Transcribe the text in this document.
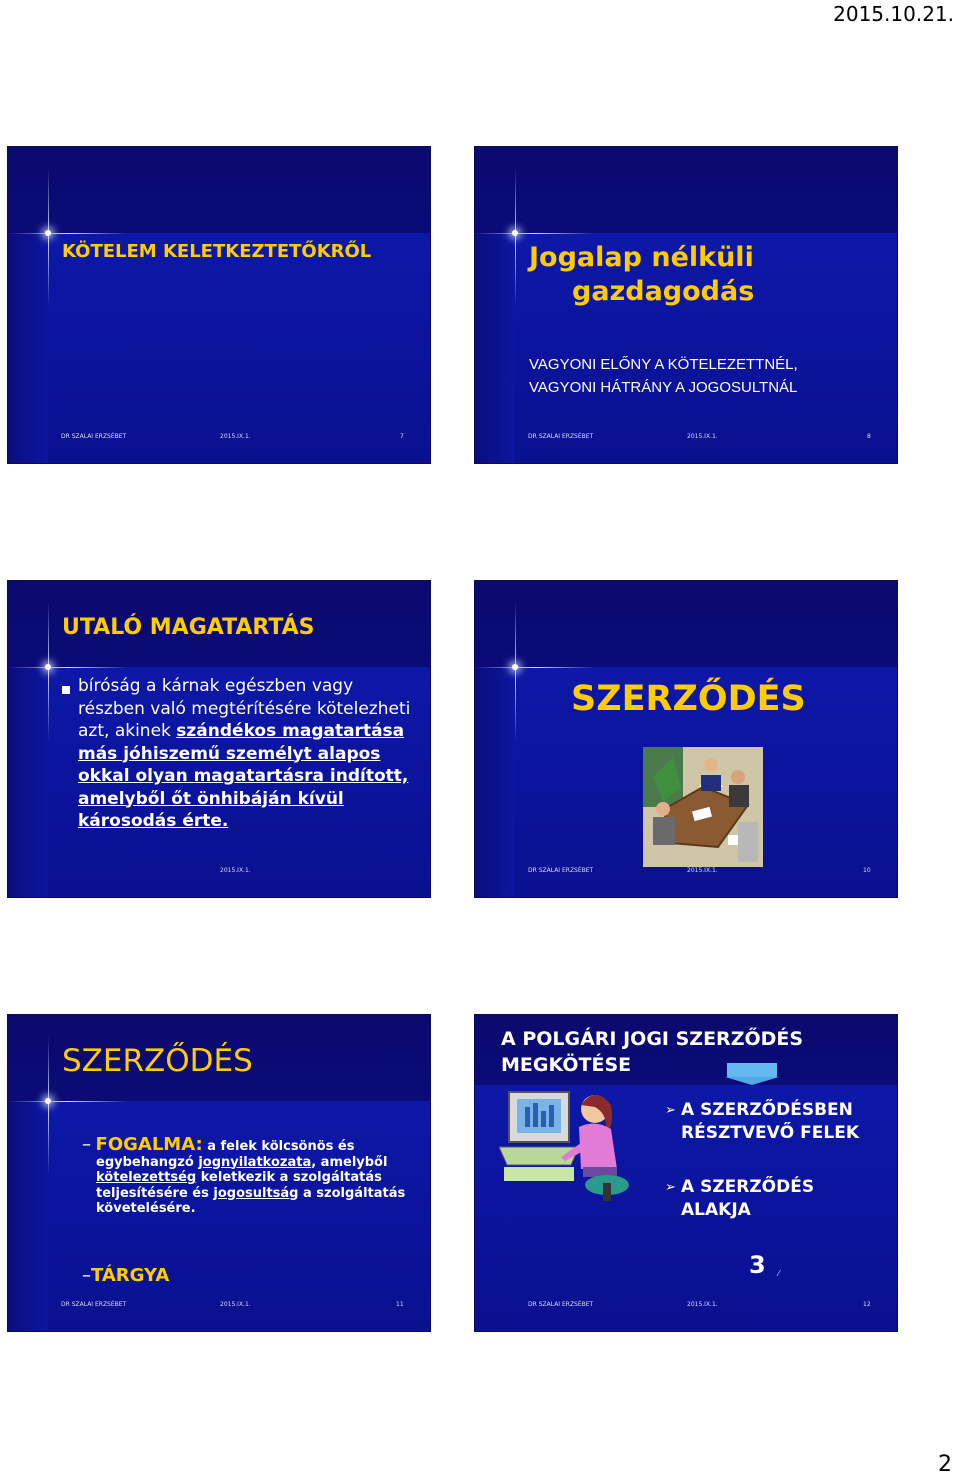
2015.10.21.
KÖTELEM KELETKEZTETŐKRŐL
DR SZALAI ERZSÉBET	2015.IX.1.	7
Jogalap nélküli
gazdagodás
VAGYONI ELŐNY A KÖTELEZETTNÉL,
VAGYONI HÁTRÁNY A JOGOSULTNÁL
DR SZALAI ERZSÉBET	2015.IX.1.	8
UTALÓ MAGATARTÁS
bíróság a kárnak egészben vagy
részben való megtérítésére kötelezheti
azt, akinek szándékos magatartása
más jóhiszemű személyt alapos
okkal olyan magatartásra indított,
amelyből őt önhibáján kívül
károsodás érte.
2015.IX.1.
SZERZŐDÉS
DR SZALAI ERZSÉBET	2015.IX.1.	10
SZERZŐDÉS
– FOGALMA: a felek kölcsönös és
egybehangzó jognyilatkozata, amelyből
kötelezettség keletkezik a szolgáltatás
teljesítésére és jogosultság a szolgáltatás
követelésére.
–TÁRGYA
DR SZALAI ERZSÉBET	2015.IX.1.	11
A POLGÁRI JOGI SZERZŐDÉS
MEGKÖTÉSE
➢ A SZERZŐDÉSBEN
RÉSZTVEVŐ FELEK
➢ A SZERZŐDÉS
ALAKJA
3 ⁄
DR SZALAI ERZSÉBET	2015.IX.1.	12
2
